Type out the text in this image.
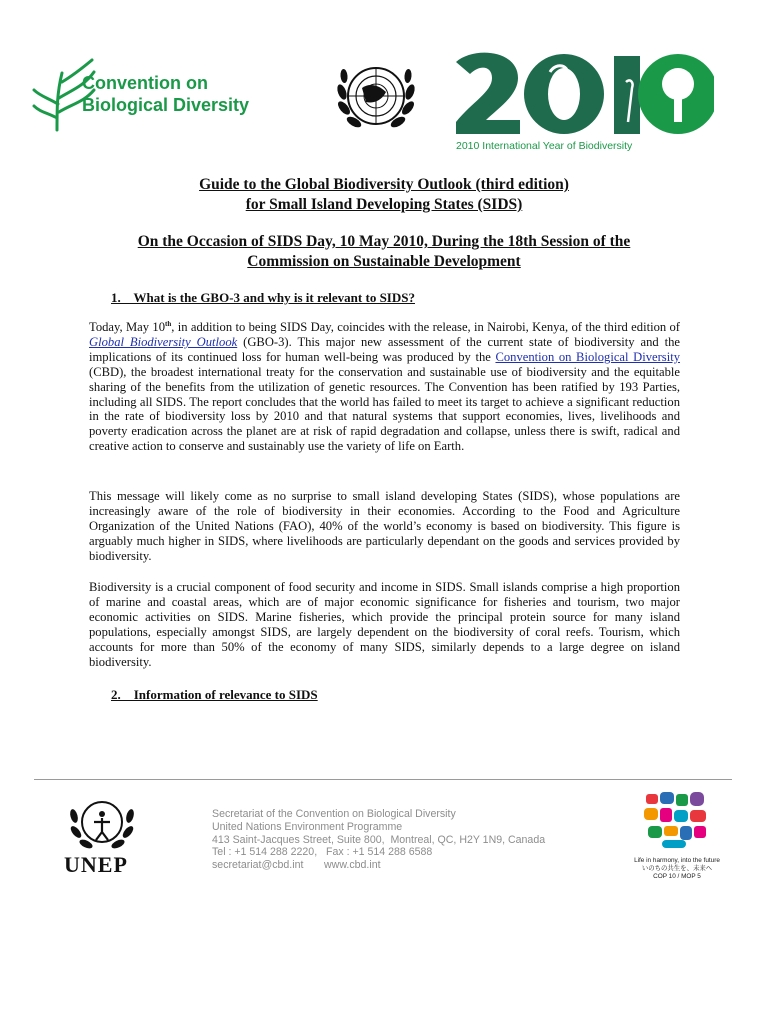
Convention on
Biological Diversity
2010 International Year of Biodiversity
Guide to the Global Biodiversity Outlook (third edition)
for Small Island Developing States (SIDS)
On the Occasion of SIDS Day, 10 May 2010, During the 18th Session of the
Commission on Sustainable Development
1.    What is the GBO-3 and why is it relevant to SIDS?
Today, May 10th, in addition to being SIDS Day, coincides with the release, in Nairobi, Kenya, of the third edition of Global Biodiversity Outlook (GBO-3). This major new assessment of the current state of biodiversity and the implications of its continued loss for human well-being was produced by the Convention on Biological Diversity (CBD), the broadest international treaty for the conservation and sustainable use of biodiversity and the equitable sharing of the benefits from the utilization of genetic resources. The Convention has been ratified by 193 Parties, including all SIDS. The report concludes that the world has failed to meet its target to achieve a significant reduction in the rate of biodiversity loss by 2010 and that natural systems that support economies, lives, livelihoods and poverty eradication across the planet are at risk of rapid degradation and collapse, unless there is swift, radical and creative action to conserve and sustainably use the variety of life on Earth.
This message will likely come as no surprise to small island developing States (SIDS), whose populations are increasingly aware of the role of biodiversity in their economies. According to the Food and Agriculture Organization of the United Nations (FAO), 40% of the world’s economy is based on biodiversity. This figure is arguably much higher in SIDS, where livelihoods are particularly dependant on the goods and services provided by biodiversity.
Biodiversity is a crucial component of food security and income in SIDS. Small islands comprise a high proportion of marine and coastal areas, which are of major economic significance for fisheries and tourism, two major economic activities on SIDS. Marine fisheries, which provide the principal protein source for many island populations, especially amongst SIDS, are largely dependent on the biodiversity of coral reefs. Tourism, which accounts for more than 50% of the economy of many SIDS, similarly depends to a large degree on island biodiversity.
2.    Information of relevance to SIDS
UNEP
Secretariat of the Convention on Biological Diversity
United Nations Environment Programme
413 Saint-Jacques Street, Suite 800,  Montreal, QC, H2Y 1N9, Canada
Tel : +1 514 288 2220,   Fax : +1 514 288 6588
secretariat@cbd.int       www.cbd.int	Life in harmony, into the future
いのちの共生を、未来へ
COP 10 / MOP 5
